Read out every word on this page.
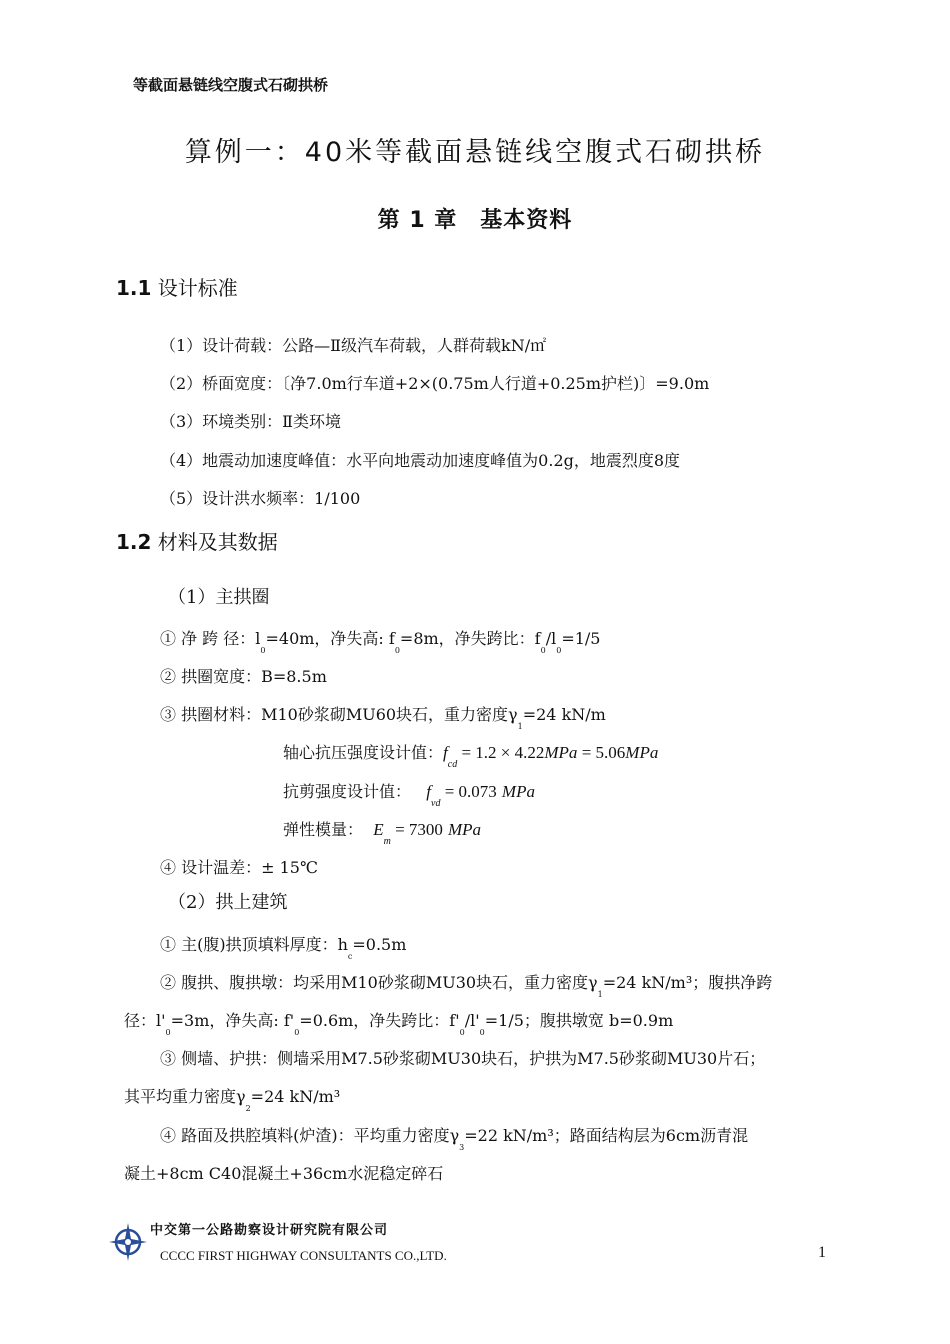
等截面悬链线空腹式石砌拱桥
算例一：40米等截面悬链线空腹式石砌拱桥
第 1 章　基本资料
1.1 设计标准
（1）设计荷载：公路—Ⅱ级汽车荷载，人群荷载kN/㎡
（2）桥面宽度：〔净7.0m行车道+2×(0.75m人行道+0.25m护栏)〕=9.0m
（3）环境类别：Ⅱ类环境
（4）地震动加速度峰值：水平向地震动加速度峰值为0.2g，地震烈度8度
（5）设计洪水频率：1/100
1.2 材料及其数据
（1）主拱圈
① 净 跨 径：$l_0=40m$，净失高: $f_0=8m$，净失跨比：$f_0/l_0=1/5$
② 拱圈宽度：B=8.5m
③ 拱圈材料：M10砂浆砌MU60块石，重力密度$\gamma_1=24$ kN/m
轴心抗压强度设计值：$f_{cd} = 1.2 \times 4.22MPa = 5.06MPa$
抗剪强度设计值： $f_{vd} = 0.073$ MPa
弹性模量： $E_m = 7300$ MPa
④ 设计温差：± 15℃
（2）拱上建筑
① 主(腹)拱顶填料厚度：$h_c=0.5m$
② 腹拱、腹拱墩：均采用M10砂浆砌MU30块石，重力密度$\gamma_1=24$ kN/m³；腹拱净跨
径：$l'_0=3m$，净失高: $f'_0=0.6m$，净失跨比：$f'_0/l'_0=1/5$；腹拱墩宽 b=0.9m
③ 侧墙、护拱：侧墙采用M7.5砂浆砌MU30块石，护拱为M7.5砂浆砌MU30片石；
其平均重力密度$\gamma_2=24$ kN/m³
④ 路面及拱腔填料(炉渣)：平均重力密度$\gamma_3=22$ kN/m³；路面结构层为6cm沥青混
凝土+8cm C40混凝土+36cm水泥稳定碎石
中交第一公路勘察设计研究院有限公司
CCCC FIRST HIGHWAY CONSULTANTS CO.,LTD.	1
